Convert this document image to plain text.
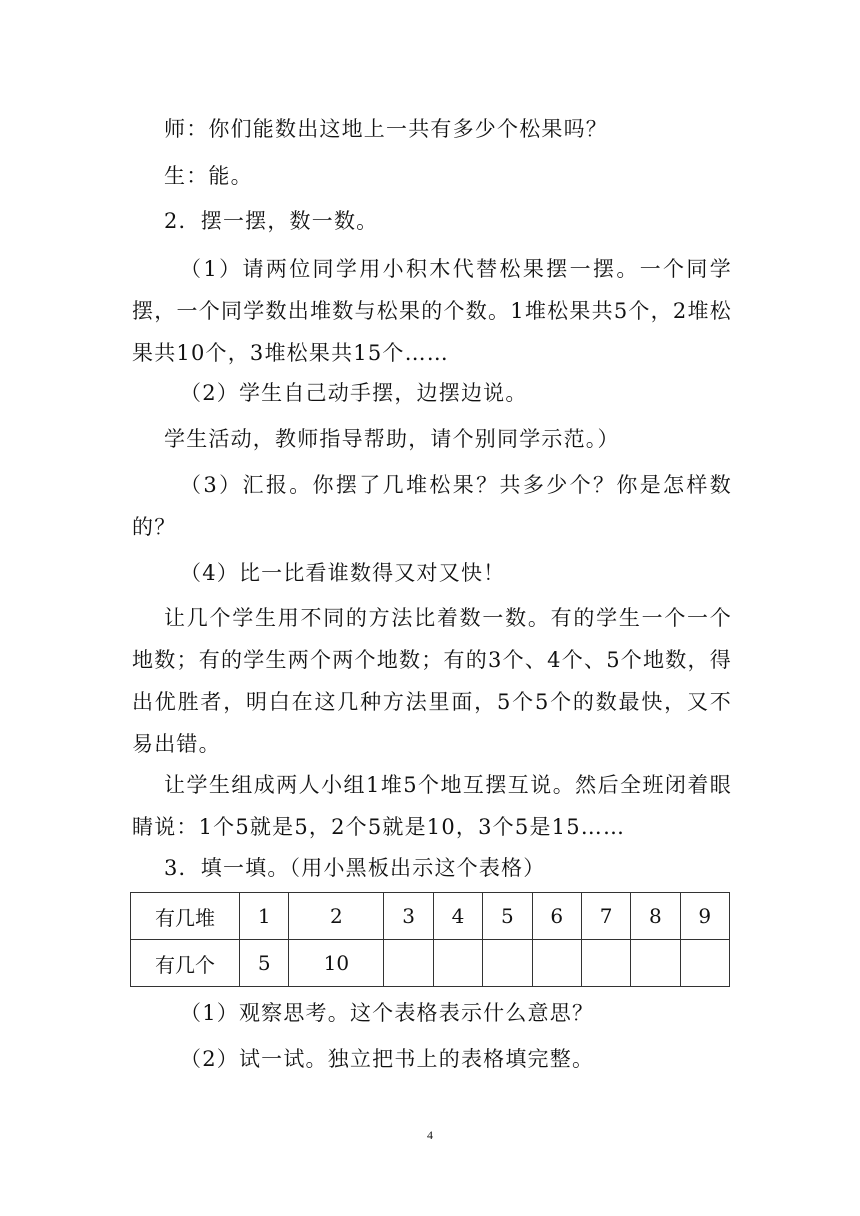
师：你们能数出这地上一共有多少个松果吗？

生：能。

2．摆一摆，数一数。

（1）请两位同学用小积木代替松果摆一摆。一个同学摆，一个同学数出堆数与松果的个数。1堆松果共5个，2堆松果共10个，3堆松果共15个……

（2）学生自己动手摆，边摆边说。

学生活动，教师指导帮助，请个别同学示范。）

（3）汇报。你摆了几堆松果？共多少个？你是怎样数的？

（4）比一比看谁数得又对又快！

让几个学生用不同的方法比着数一数。有的学生一个一个地数；有的学生两个两个地数；有的3个、4个、5个地数，得出优胜者，明白在这几种方法里面，5个5个的数最快，又不易出错。

让学生组成两人小组1堆5个地互摆互说。然后全班闭着眼睛说：1个5就是5，2个5就是10，3个5是15……

3．填一填。（用小黑板出示这个表格）

有几堆	1	2	3	4	5	6	7	8	9
有几个	5	10							

（1）观察思考。这个表格表示什么意思？

（2）试一试。独立把书上的表格填完整。

4
